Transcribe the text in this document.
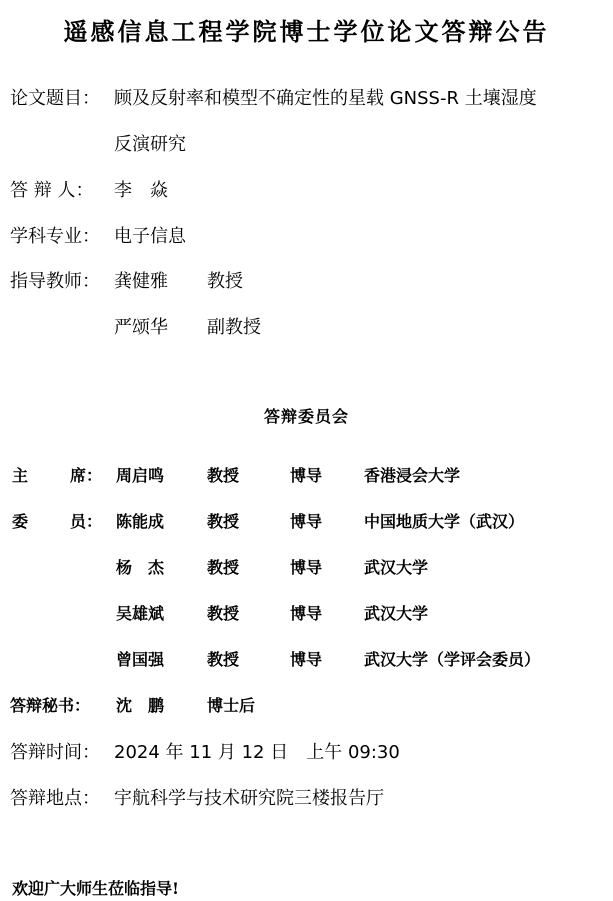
遥感信息工程学院博士学位论文答辩公告
论文题目： 顾及反射率和模型不确定性的星载 GNSS-R 土壤湿度
反演研究
答 辩 人： 李　焱
学科专业： 电子信息
指导教师： 龚健雅 教授
严颂华 副教授
答辩委员会
主	席： 周启鸣	教授	博导	香港浸会大学
委	员： 陈能成	教授	博导	中国地质大学（武汉）
杨　杰	教授	博导	武汉大学
吴雄斌	教授	博导	武汉大学
曾国强	教授	博导	武汉大学（学评会委员）
答辩秘书： 沈　鹏	博士后
答辩时间： 2024 年 11 月 12 日　上午 09:30
答辩地点： 宇航科学与技术研究院三楼报告厅
欢迎广大师生莅临指导!
